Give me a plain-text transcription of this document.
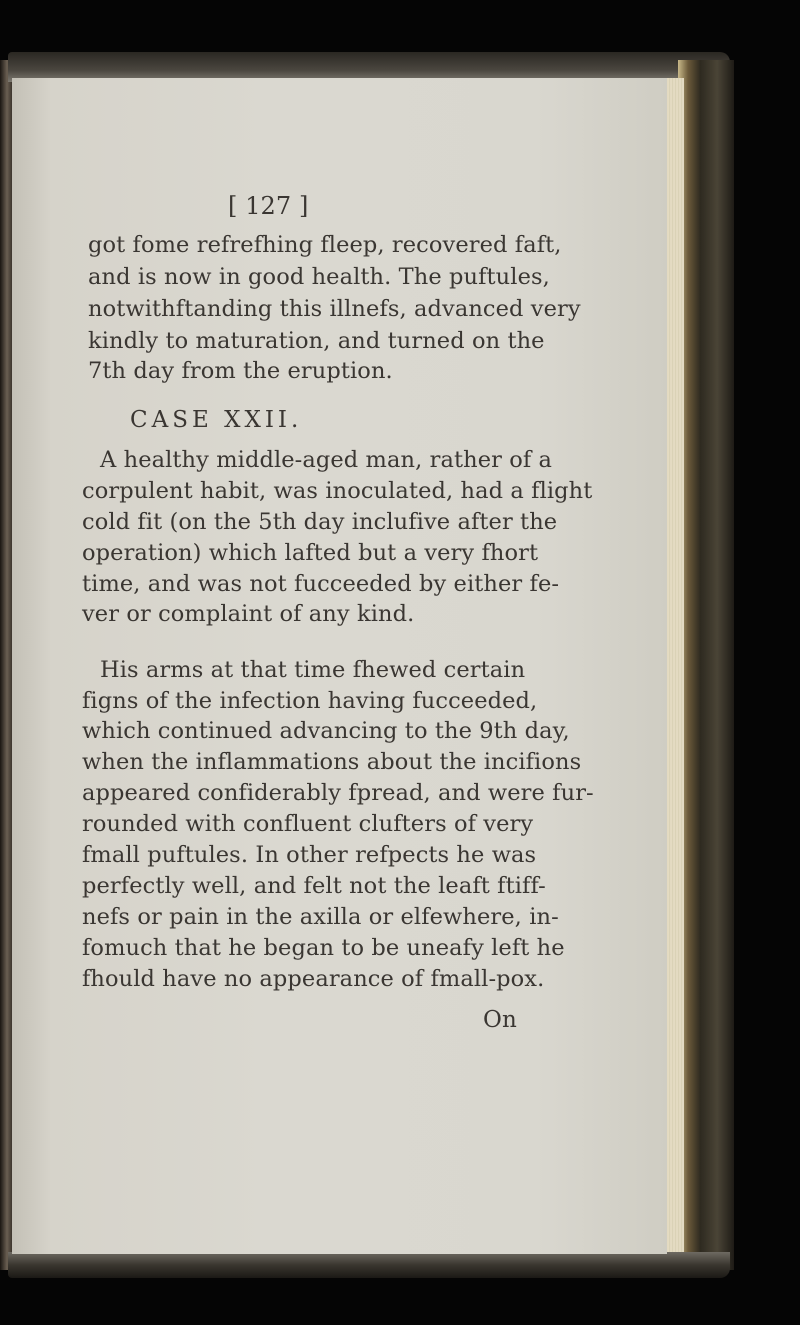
[ 127 ]
got fome refrefhing fleep, recovered faft,
and is now in good health. The puftules,
notwithftanding this illnefs, advanced very
kindly to maturation, and turned on the
7th day from the eruption.
CASE XXII.
A healthy middle-aged man, rather of a
corpulent habit, was inoculated, had a flight
cold fit (on the 5th day inclufive after the
operation) which lafted but a very fhort
time, and was not fucceeded by either fe-
ver or complaint of any kind.
His arms at that time fhewed certain
figns of the infection having fucceeded,
which continued advancing to the 9th day,
when the inflammations about the incifions
appeared confiderably fpread, and were fur-
rounded with confluent clufters of very
fmall puftules. In other refpects he was
perfectly well, and felt not the leaft ftiff-
nefs or pain in the axilla or elfewhere, in-
fomuch that he began to be uneafy left he
fhould have no appearance of fmall-pox.
On
